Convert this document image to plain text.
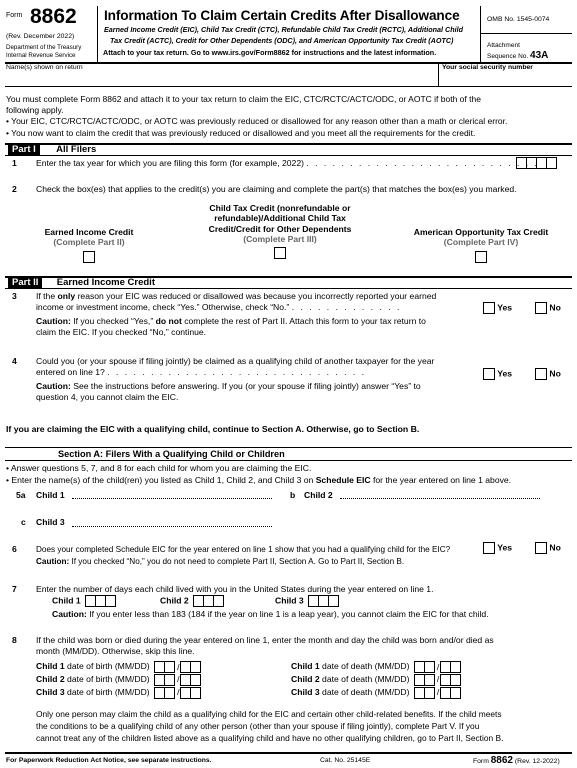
Form 8862
(Rev. December 2022)
Department of the Treasury
Internal Revenue Service
Information To Claim Certain Credits After Disallowance
Earned Income Credit (EIC), Child Tax Credit (CTC), Refundable Child Tax Credit (RCTC), Additional Child
Tax Credit (ACTC), Credit for Other Dependents (ODC), and American Opportunity Tax Credit (AOTC)
Attach to your tax return. Go to www.irs.gov/Form8862 for instructions and the latest information.
OMB No. 1545-0074
Attachment
Sequence No. 43A
Name(s) shown on return	Your social security number
You must complete Form 8862 and attach it to your tax return to claim the EIC, CTC/RCTC/ACTC/ODC, or AOTC if both of the
following apply.
• Your EIC, CTC/RCTC/ACTC/ODC, or AOTC was previously reduced or disallowed for any reason other than a math or clerical error.
• You now want to claim the credit that was previously reduced or disallowed and you meet all the requirements for the credit.
Part I All Filers
1 Enter the tax year for which you are filing this form (for example, 2022) . . . . . . . . . . . . . . . . . . . . . . . . . . .
2 Check the box(es) that applies to the credit(s) you are claiming and complete the part(s) that matches the box(es) you marked.
Earned Income Credit
(Complete Part II)
Child Tax Credit (nonrefundable or
refundable)/Additional Child Tax
Credit/Credit for Other Dependents
(Complete Part III)
American Opportunity Tax Credit
(Complete Part IV)
Part II Earned Income Credit
3 If the only reason your EIC was reduced or disallowed was because you incorrectly reported your earned
income or investment income, check “Yes.” Otherwise, check “No.” . . . . . . . . . . . . .
Caution: If you checked “Yes,” do not complete the rest of Part II. Attach this form to your tax return to
claim the EIC. If you checked “No,” continue.
Yes	No
4 Could you (or your spouse if filing jointly) be claimed as a qualifying child of another taxpayer for the year
entered on line 1? . . . . . . . . . . . . . . . . . . . . . . . . . . . . . .
Caution: See the instructions before answering. If you (or your spouse if filing jointly) answer “Yes” to
question 4, you cannot claim the EIC.
Yes	No
If you are claiming the EIC with a qualifying child, continue to Section A. Otherwise, go to Section B.
Section A: Filers With a Qualifying Child or Children
• Answer questions 5, 7, and 8 for each child for whom you are claiming the EIC.
• Enter the name(s) of the child(ren) you listed as Child 1, Child 2, and Child 3 on Schedule EIC for the year entered on line 1 above.
5a Child 1	b Child 2
c Child 3
6 Does your completed Schedule EIC for the year entered on line 1 show that you had a qualifying child for the EIC?
Caution: If you checked “No,” you do not need to complete Part II, Section A. Go to Part II, Section B.
Yes	No
7 Enter the number of days each child lived with you in the United States during the year entered on line 1.
Child 1	Child 2	Child 3
Caution: If you enter less than 183 (184 if the year on line 1 is a leap year), you cannot claim the EIC for that child.
8 If the child was born or died during the year entered on line 1, enter the month and day the child was born and/or died as
month (MM/DD). Otherwise, skip this line.
Child 1 date of birth (MM/DD)	/
Child 2 date of birth (MM/DD)	/
Child 3 date of birth (MM/DD)	/
Child 1 date of death (MM/DD)	/
Child 2 date of death (MM/DD)	/
Child 3 date of death (MM/DD)	/
Only one person may claim the child as a qualifying child for the EIC and certain other child-related benefits. If the child meets
the conditions to be a qualifying child of any other person (other than your spouse if filing jointly), complete Part V. If you
cannot treat any of the children listed above as a qualifying child and have no other qualifying children, go to Part II, Section B.
For Paperwork Reduction Act Notice, see separate instructions.	Cat. No. 25145E	Form 8862 (Rev. 12-2022)
